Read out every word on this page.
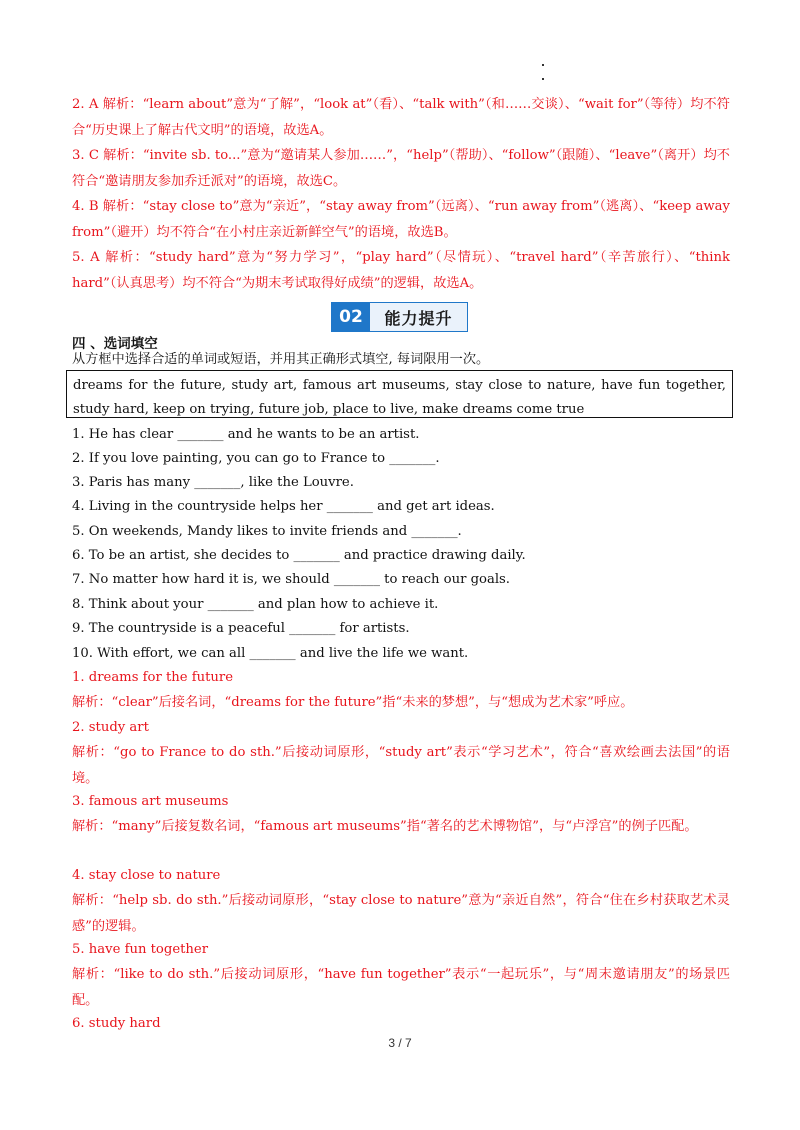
2. A 解析：“learn about”意为“了解”，“look at”（看）、“talk with”（和……交谈）、“wait for”（等待）均不符合“历史课上了解古代文明”的语境，故选A。

3. C 解析：“invite sb. to...”意为“邀请某人参加……”，“help”（帮助）、“follow”（跟随）、“leave”（离开）均不符合“邀请朋友参加乔迁派对”的语境，故选C。

4. B 解析：“stay close to”意为“亲近”，“stay away from”（远离）、“run away from”（逃离）、“keep away from”（避开）均不符合“在小村庄亲近新鲜空气”的语境，故选B。

5. A 解析：“study hard”意为“努力学习”，“play hard”（尽情玩）、“travel hard”（辛苦旅行）、“think hard”（认真思考）均不符合“为期末考试取得好成绩”的逻辑，故选A。

02	能力提升
四 、选词填空
从方框中选择合适的单词或短语，并用其正确形式填空, 每词限用一次。
dreams for the future, study art, famous art museums, stay close to nature, have fun together, study hard, keep on trying, future job, place to live, make dreams come true

1. He has clear _______ and he wants to be an artist.

2. If you love painting, you can go to France to _______.

3. Paris has many _______, like the Louvre.

4. Living in the countryside helps her _______ and get art ideas.

5. On weekends, Mandy likes to invite friends and _______.

6. To be an artist, she decides to _______ and practice drawing daily.

7. No matter how hard it is, we should _______ to reach our goals.

8. Think about your _______ and plan how to achieve it.

9. The countryside is a peaceful _______ for artists.

10. With effort, we can all _______ and live the life we want.

1. dreams for the future

解析：“clear”后接名词，“dreams for the future”指“未来的梦想”，与“想成为艺术家”呼应。

2. study art

解析：“go to France to do sth.”后接动词原形，“study art”表示“学习艺术”，符合“喜欢绘画去法国”的语境。

3. famous art museums

解析：“many”后接复数名词，“famous art museums”指“著名的艺术博物馆”，与“卢浮宫”的例子匹配。

4. stay close to nature

解析：“help sb. do sth.”后接动词原形，“stay close to nature”意为“亲近自然”，符合“住在乡村获取艺术灵感”的逻辑。

5. have fun together

解析：“like to do sth.”后接动词原形，“have fun together”表示“一起玩乐”，与“周末邀请朋友”的场景匹配。

6. study hard

3 / 7
